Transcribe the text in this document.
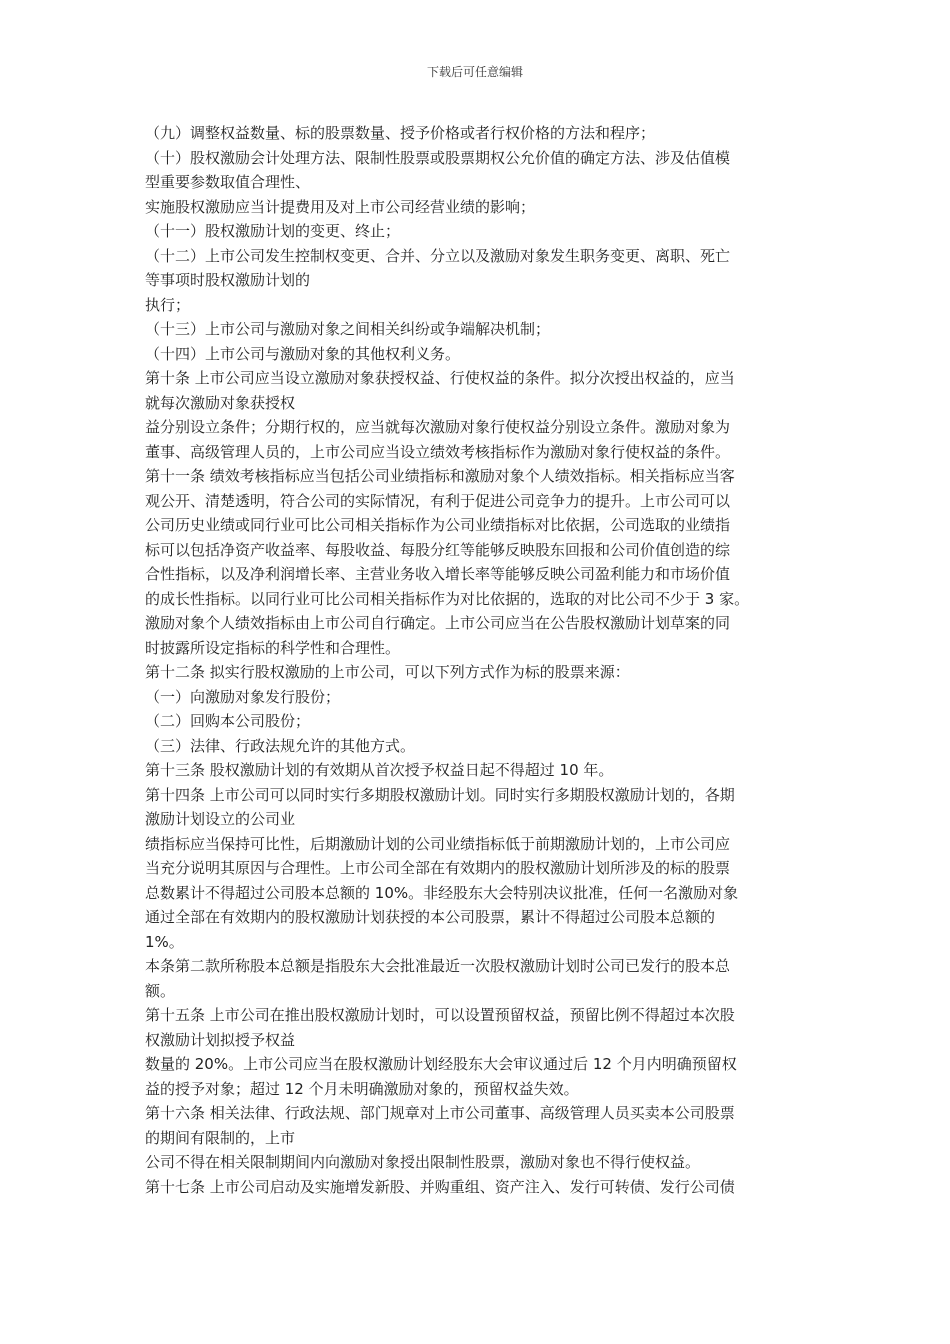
下载后可任意编辑
（九）调整权益数量、标的股票数量、授予价格或者行权价格的方法和程序；
（十）股权激励会计处理方法、限制性股票或股票期权公允价值的确定方法、涉及估值模
型重要参数取值合理性、
实施股权激励应当计提费用及对上市公司经营业绩的影响；
（十一）股权激励计划的变更、终止；
（十二）上市公司发生控制权变更、合并、分立以及激励对象发生职务变更、离职、死亡
等事项时股权激励计划的
执行；
（十三）上市公司与激励对象之间相关纠纷或争端解决机制；
（十四）上市公司与激励对象的其他权利义务。
第十条 上市公司应当设立激励对象获授权益、行使权益的条件。拟分次授出权益的，应当
就每次激励对象获授权
益分别设立条件；分期行权的，应当就每次激励对象行使权益分别设立条件。激励对象为
董事、高级管理人员的，上市公司应当设立绩效考核指标作为激励对象行使权益的条件。
第十一条 绩效考核指标应当包括公司业绩指标和激励对象个人绩效指标。相关指标应当客
观公开、清楚透明，符合公司的实际情况，有利于促进公司竞争力的提升。上市公司可以
公司历史业绩或同行业可比公司相关指标作为公司业绩指标对比依据，公司选取的业绩指
标可以包括净资产收益率、每股收益、每股分红等能够反映股东回报和公司价值创造的综
合性指标，以及净利润增长率、主营业务收入增长率等能够反映公司盈利能力和市场价值
的成长性指标。以同行业可比公司相关指标作为对比依据的，选取的对比公司不少于 3 家。
激励对象个人绩效指标由上市公司自行确定。上市公司应当在公告股权激励计划草案的同
时披露所设定指标的科学性和合理性。
第十二条 拟实行股权激励的上市公司，可以下列方式作为标的股票来源：
（一）向激励对象发行股份；
（二）回购本公司股份；
（三）法律、行政法规允许的其他方式。
第十三条 股权激励计划的有效期从首次授予权益日起不得超过 10 年。
第十四条 上市公司可以同时实行多期股权激励计划。同时实行多期股权激励计划的，各期
激励计划设立的公司业
绩指标应当保持可比性，后期激励计划的公司业绩指标低于前期激励计划的，上市公司应
当充分说明其原因与合理性。上市公司全部在有效期内的股权激励计划所涉及的标的股票
总数累计不得超过公司股本总额的 10%。非经股东大会特别决议批准，任何一名激励对象
通过全部在有效期内的股权激励计划获授的本公司股票，累计不得超过公司股本总额的
1%。
本条第二款所称股本总额是指股东大会批准最近一次股权激励计划时公司已发行的股本总
额。
第十五条 上市公司在推出股权激励计划时，可以设置预留权益，预留比例不得超过本次股
权激励计划拟授予权益
数量的 20%。上市公司应当在股权激励计划经股东大会审议通过后 12 个月内明确预留权
益的授予对象；超过 12 个月未明确激励对象的，预留权益失效。
第十六条 相关法律、行政法规、部门规章对上市公司董事、高级管理人员买卖本公司股票
的期间有限制的，上市
公司不得在相关限制期间内向激励对象授出限制性股票，激励对象也不得行使权益。
第十七条 上市公司启动及实施增发新股、并购重组、资产注入、发行可转债、发行公司债
